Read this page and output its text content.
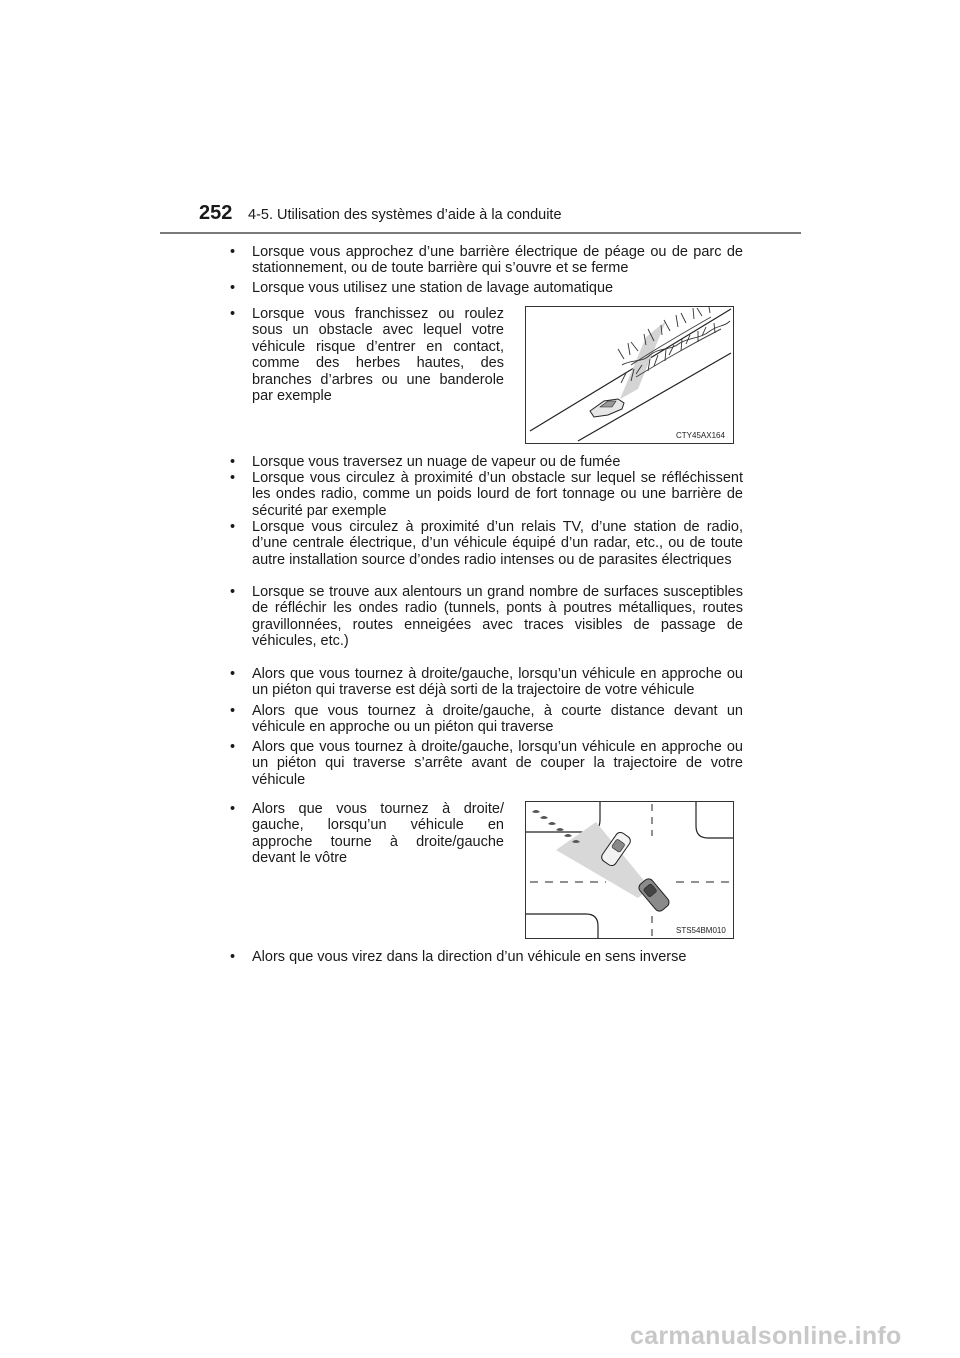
252 4-5. Utilisation des systèmes d’aide à la conduite
• Lorsque vous approchez d’une barrière électrique de péage ou de parc de stationnement, ou de toute barrière qui s’ouvre et se ferme
• Lorsque vous utilisez une station de lavage automatique
• Lorsque vous franchissez ou roulez sous un obstacle avec lequel votre véhicule risque d’entrer en contact, comme des herbes hautes, des branches d’arbres ou une banderole par exemple
CTY45AX164
• Lorsque vous traversez un nuage de vapeur ou de fumée
• Lorsque vous circulez à proximité d’un obstacle sur lequel se réfléchissent les ondes radio, comme un poids lourd de fort tonnage ou une barrière de sécurité par exemple
• Lorsque vous circulez à proximité d’un relais TV, d’une station de radio, d’une centrale électrique, d’un véhicule équipé d’un radar, etc., ou de toute autre installation source d’ondes radio intenses ou de parasites électriques
• Lorsque se trouve aux alentours un grand nombre de surfaces susceptibles de réfléchir les ondes radio (tunnels, ponts à poutres métalliques, routes gravillonnées, routes enneigées avec traces visibles de passage de véhicules, etc.)
• Alors que vous tournez à droite/gauche, lorsqu’un véhicule en approche ou un piéton qui traverse est déjà sorti de la trajectoire de votre véhicule
• Alors que vous tournez à droite/gauche, à courte distance devant un véhicule en approche ou un piéton qui traverse
• Alors que vous tournez à droite/gauche, lorsqu’un véhicule en approche ou un piéton qui traverse s’arrête avant de couper la trajectoire de votre véhicule
• Alors que vous tournez à droite/ gauche, lorsqu’un véhicule en approche tourne à droite/gauche devant le vôtre
STS54BM010
• Alors que vous virez dans la direction d’un véhicule en sens inverse
carmanualsonline.info
